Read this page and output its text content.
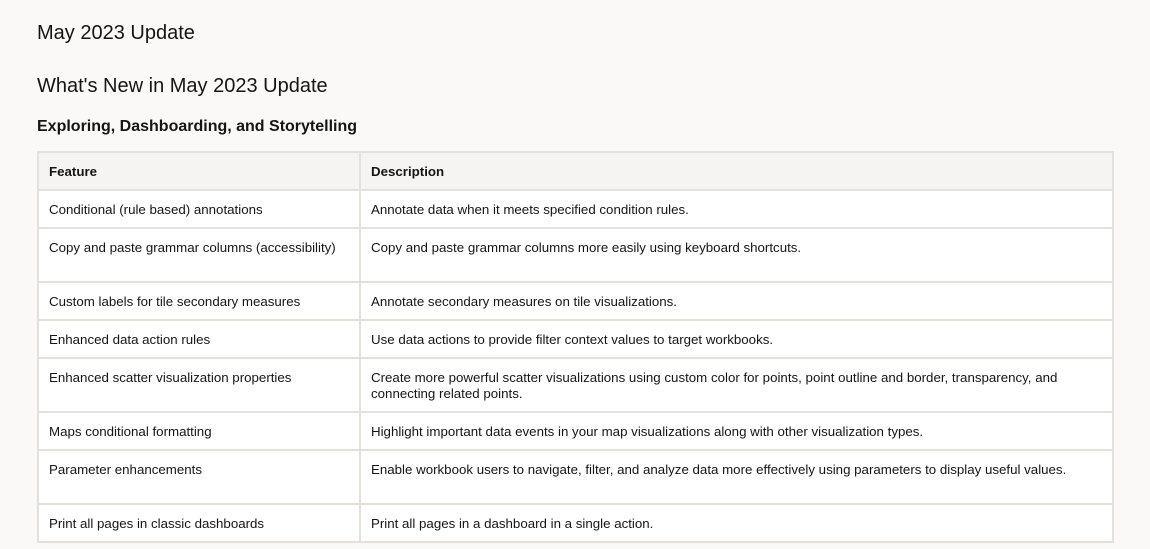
May 2023 Update
What's New in May 2023 Update
Exploring, Dashboarding, and Storytelling
Feature	Description
Conditional (rule based) annotations	Annotate data when it meets specified condition rules.
Copy and paste grammar columns (accessibility)	Copy and paste grammar columns more easily using keyboard shortcuts.
Custom labels for tile secondary measures	Annotate secondary measures on tile visualizations.
Enhanced data action rules	Use data actions to provide filter context values to target workbooks.
Enhanced scatter visualization properties	Create more powerful scatter visualizations using custom color for points, point outline and border, transparency, and connecting related points.
Maps conditional formatting	Highlight important data events in your map visualizations along with other visualization types.
Parameter enhancements	Enable workbook users to navigate, filter, and analyze data more effectively using parameters to display useful values.
Print all pages in classic dashboards	Print all pages in a dashboard in a single action.
